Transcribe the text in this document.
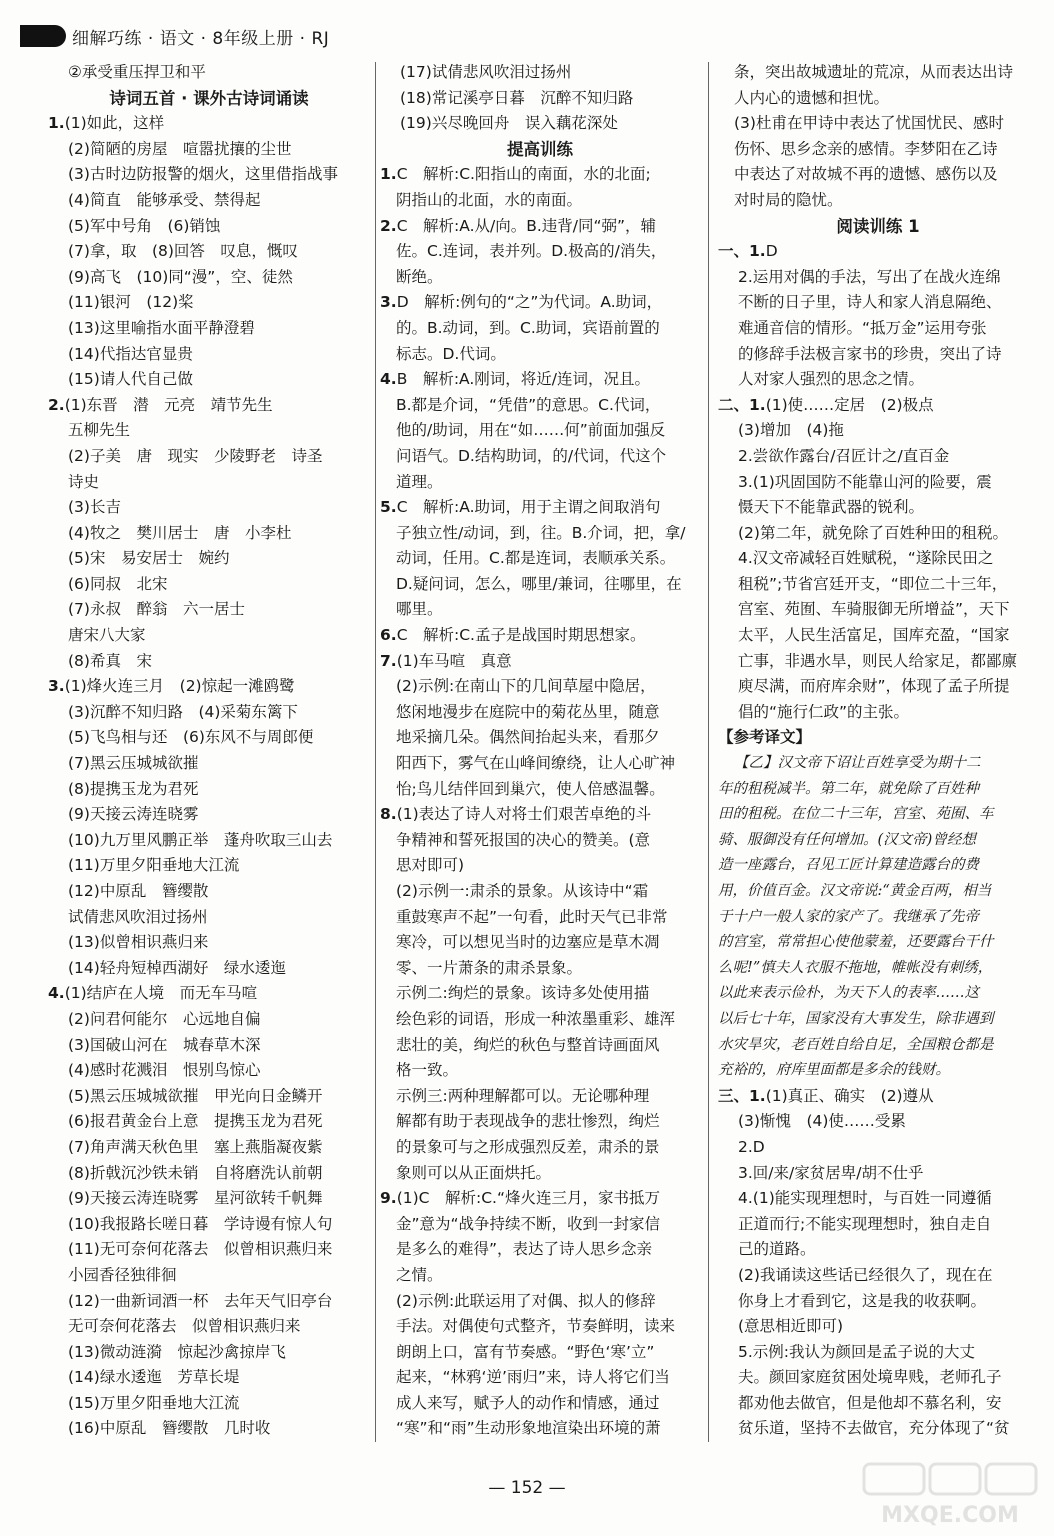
细解巧练 · 语文 · 8年级上册 · RJ
②承受重压捍卫和平
诗词五首 · 课外古诗词诵读
1.(1)如此，这样
(2)简陋的房屋　喧嚣扰攘的尘世
(3)古时边防报警的烟火，这里借指战事
(4)简直　能够承受、禁得起
(5)军中号角　(6)销蚀
(7)拿，取　(8)回答　叹息，慨叹
(9)高飞　(10)同“漫”，空、徒然
(11)银河　(12)桨
(13)这里喻指水面平静澄碧
(14)代指达官显贵
(15)请人代自己做
2.(1)东晋　潜　元亮　靖节先生
五柳先生
(2)子美　唐　现实　少陵野老　诗圣
诗史
(3)长吉
(4)牧之　樊川居士　唐　小李杜
(5)宋　易安居士　婉约
(6)同叔　北宋
(7)永叔　醉翁　六一居士
唐宋八大家
(8)希真　宋
3.(1)烽火连三月　(2)惊起一滩鸥鹭
(3)沉醉不知归路　(4)采菊东篱下
(5)飞鸟相与还　(6)东风不与周郎便
(7)黑云压城城欲摧
(8)提携玉龙为君死
(9)天接云涛连晓雾
(10)九万里风鹏正举　蓬舟吹取三山去
(11)万里夕阳垂地大江流
(12)中原乱　簪缨散
试倩悲风吹泪过扬州
(13)似曾相识燕归来
(14)轻舟短棹西湖好　绿水逶迤
4.(1)结庐在人境　而无车马喧
(2)问君何能尔　心远地自偏
(3)国破山河在　城春草木深
(4)感时花溅泪　恨别鸟惊心
(5)黑云压城城欲摧　甲光向日金鳞开
(6)报君黄金台上意　提携玉龙为君死
(7)角声满天秋色里　塞上燕脂凝夜紫
(8)折戟沉沙铁未销　自将磨洗认前朝
(9)天接云涛连晓雾　星河欲转千帆舞
(10)我报路长嗟日暮　学诗谩有惊人句
(11)无可奈何花落去　似曾相识燕归来
小园香径独徘徊
(12)一曲新词酒一杯　去年天气旧亭台
无可奈何花落去　似曾相识燕归来
(13)微动涟漪　惊起沙禽掠岸飞
(14)绿水逶迤　芳草长堤
(15)万里夕阳垂地大江流
(16)中原乱　簪缨散　几时收
(17)试倩悲风吹泪过扬州
(18)常记溪亭日暮　沉醉不知归路
(19)兴尽晚回舟　误入藕花深处
提高训练
1.C　解析:C.阳指山的南面，水的北面;
阴指山的北面，水的南面。
2.C　解析:A.从/向。B.违背/同“弼”，辅
佐。C.连词，表并列。D.极高的/消失，
断绝。
3.D　解析:例句的“之”为代词。A.助词，
的。B.动词，到。C.助词，宾语前置的
标志。D.代词。
4.B　解析:A.刚词，将近/连词，况且。
B.都是介词，“凭借”的意思。C.代词，
他的/助词，用在“如……何”前面加强反
问语气。D.结构助词，的/代词，代这个
道理。
5.C　解析:A.助词，用于主谓之间取消句
子独立性/动词，到，往。B.介词，把，拿/
动词，任用。C.都是连词，表顺承关系。
D.疑问词，怎么，哪里/兼词，往哪里，在
哪里。
6.C　解析:C.孟子是战国时期思想家。
7.(1)车马喧　真意
(2)示例:在南山下的几间草屋中隐居，
悠闲地漫步在庭院中的菊花丛里，随意
地采摘几朵。偶然间抬起头来，看那夕
阳西下，雾气在山峰间缭绕，让人心旷神
怡;鸟儿结伴回到巢穴，使人倍感温馨。
8.(1)表达了诗人对将士们艰苦卓绝的斗
争精神和誓死报国的决心的赞美。(意
思对即可)
(2)示例一:肃杀的景象。从该诗中“霜
重鼓寒声不起”一句看，此时天气已非常
寒冷，可以想见当时的边塞应是草木凋
零、一片萧条的肃杀景象。
示例二:绚烂的景象。该诗多处使用描
绘色彩的词语，形成一种浓墨重彩、雄浑
悲壮的美，绚烂的秋色与整首诗画面风
格一致。
示例三:两种理解都可以。无论哪种理
解都有助于表现战争的悲壮惨烈，绚烂
的景象可与之形成强烈反差，肃杀的景
象则可以从正面烘托。
9.(1)C　解析:C.“烽火连三月，家书抵万
金”意为“战争持续不断，收到一封家信
是多么的难得”，表达了诗人思乡念亲
之情。
(2)示例:此联运用了对偶、拟人的修辞
手法。对偶使句式整齐，节奏鲜明，读来
朗朗上口，富有节奏感。“野色‘寒’立”
起来，“林鸦‘逆’雨归”来，诗人将它们当
成人来写，赋予人的动作和情感，通过
“寒”和“雨”生动形象地渲染出环境的萧
条，突出故城遗址的荒凉，从而表达出诗
人内心的遗憾和担忧。
(3)杜甫在甲诗中表达了忧国忧民、感时
伤怀、思乡念亲的感情。李梦阳在乙诗
中表达了对故城不再的遗憾、感伤以及
对时局的隐忧。
阅读训练 1
一、1.D
2.运用对偶的手法，写出了在战火连绵
不断的日子里，诗人和家人消息隔绝、
难通音信的情形。“抵万金”运用夸张
的修辞手法极言家书的珍贵，突出了诗
人对家人强烈的思念之情。
二、1.(1)使……定居　(2)极点
(3)增加　(4)拖
2.尝欲作露台/召匠计之/直百金
3.(1)巩固国防不能靠山河的险要，震
慑天下不能靠武器的锐利。
(2)第二年，就免除了百姓种田的租税。
4.汉文帝减轻百姓赋税，“遂除民田之
租税”;节省宫廷开支，“即位二十三年，
宫室、苑囿、车骑服御无所增益”，天下
太平，人民生活富足，国库充盈，“国家
亡事，非遇水旱，则民人给家足，都鄙廪
庾尽满，而府库余财”，体现了孟子所提
倡的“施行仁政”的主张。
【参考译文】
【乙】汉文帝下诏让百姓享受为期十二
年的租税减半。第二年，就免除了百姓种
田的租税。在位二十三年，宫室、苑囿、车
骑、服御没有任何增加。(汉文帝)曾经想
造一座露台，召见工匠计算建造露台的费
用，价值百金。汉文帝说:“黄金百两，相当
于十户一般人家的家产了。我继承了先帝
的宫室，常常担心使他蒙羞，还要露台干什
么呢!”慎夫人衣服不拖地，帷帐没有刺绣，
以此来表示俭朴，为天下人的表率……这
以后七十年，国家没有大事发生，除非遇到
水灾旱灾，老百姓自给自足，全国粮仓都是
充裕的，府库里面都是多余的钱财。
三、1.(1)真正、确实　(2)遵从
(3)惭愧　(4)使……受累
2.D
3.回/来/家贫居卑/胡不仕乎
4.(1)能实现理想时，与百姓一同遵循
正道而行;不能实现理想时，独自走自
己的道路。
(2)我诵读这些话已经很久了，现在在
你身上才看到它，这是我的收获啊。
(意思相近即可)
5.示例:我认为颜回是孟子说的大丈
夫。颜回家庭贫困处境卑贱，老师孔子
都劝他去做官，但是他却不慕名利，安
贫乐道，坚持不去做官，充分体现了“贫
— 152 —
MXQE.COM
